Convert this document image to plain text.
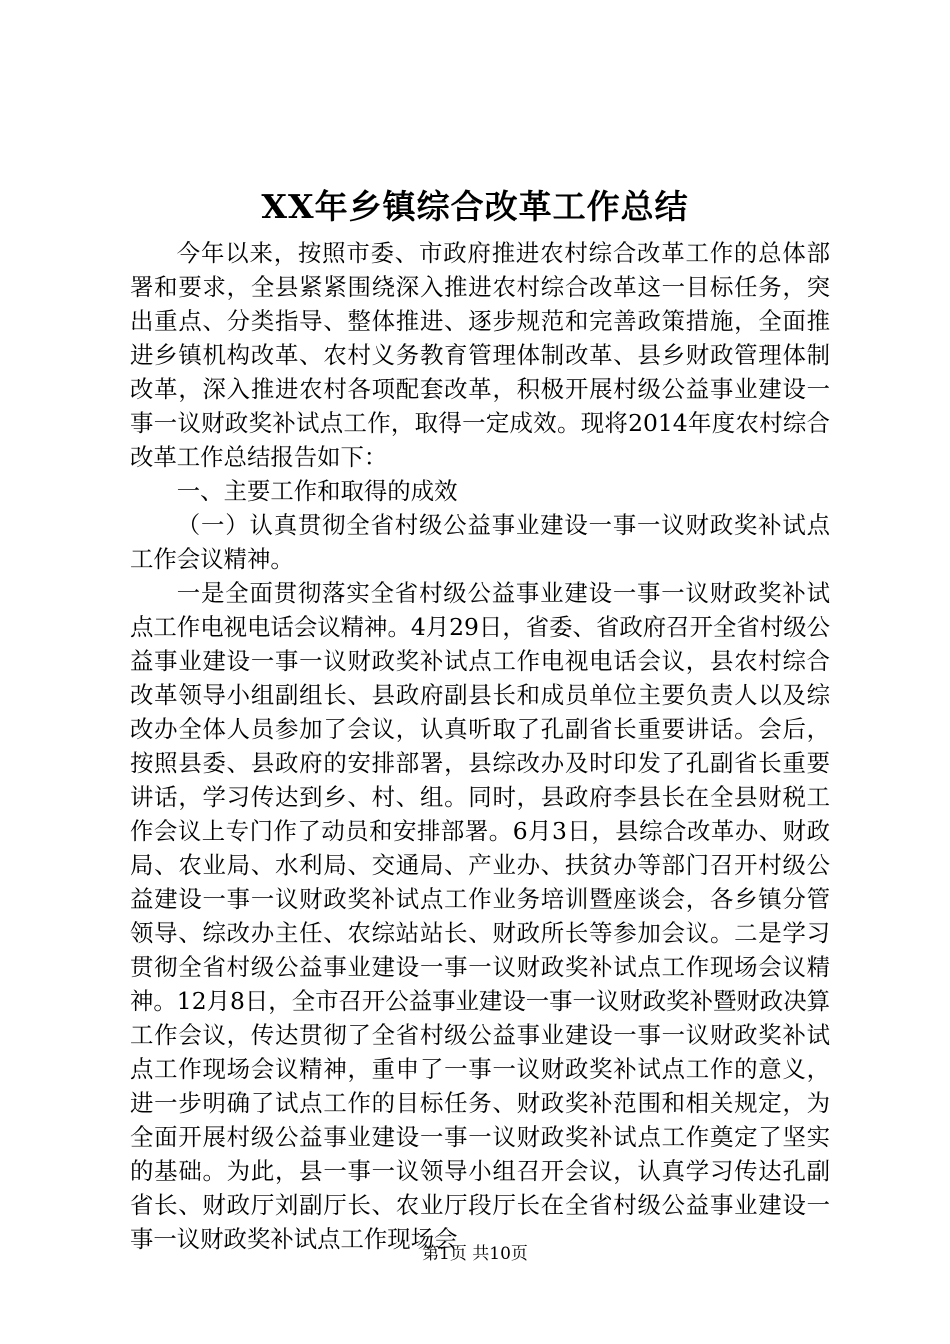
XX年乡镇综合改革工作总结

今年以来，按照市委、市政府推进农村综合改革工作的总体部署和要求，全县紧紧围绕深入推进农村综合改革这一目标任务，突出重点、分类指导、整体推进、逐步规范和完善政策措施，全面推进乡镇机构改革、农村义务教育管理体制改革、县乡财政管理体制改革，深入推进农村各项配套改革，积极开展村级公益事业建设一事一议财政奖补试点工作，取得一定成效。现将2014年度农村综合改革工作总结报告如下：

一、主要工作和取得的成效

（一）认真贯彻全省村级公益事业建设一事一议财政奖补试点工作会议精神。

一是全面贯彻落实全省村级公益事业建设一事一议财政奖补试点工作电视电话会议精神。4月29日，省委、省政府召开全省村级公益事业建设一事一议财政奖补试点工作电视电话会议，县农村综合改革领导小组副组长、县政府副县长和成员单位主要负责人以及综改办全体人员参加了会议，认真听取了孔副省长重要讲话。会后，按照县委、县政府的安排部署，县综改办及时印发了孔副省长重要讲话，学习传达到乡、村、组。同时，县政府李县长在全县财税工作会议上专门作了动员和安排部署。6月3日，县综合改革办、财政局、农业局、水利局、交通局、产业办、扶贫办等部门召开村级公益建设一事一议财政奖补试点工作业务培训暨座谈会，各乡镇分管领导、综改办主任、农综站站长、财政所长等参加会议。二是学习贯彻全省村级公益事业建设一事一议财政奖补试点工作现场会议精神。12月8日，全市召开公益事业建设一事一议财政奖补暨财政决算工作会议，传达贯彻了全省村级公益事业建设一事一议财政奖补试点工作现场会议精神，重申了一事一议财政奖补试点工作的意义，进一步明确了试点工作的目标任务、财政奖补范围和相关规定，为全面开展村级公益事业建设一事一议财政奖补试点工作奠定了坚实的基础。为此，县一事一议领导小组召开会议，认真学习传达孔副省长、财政厅刘副厅长、农业厅段厅长在全省村级公益事业建设一事一议财政奖补试点工作现场会

第1页 共10页
